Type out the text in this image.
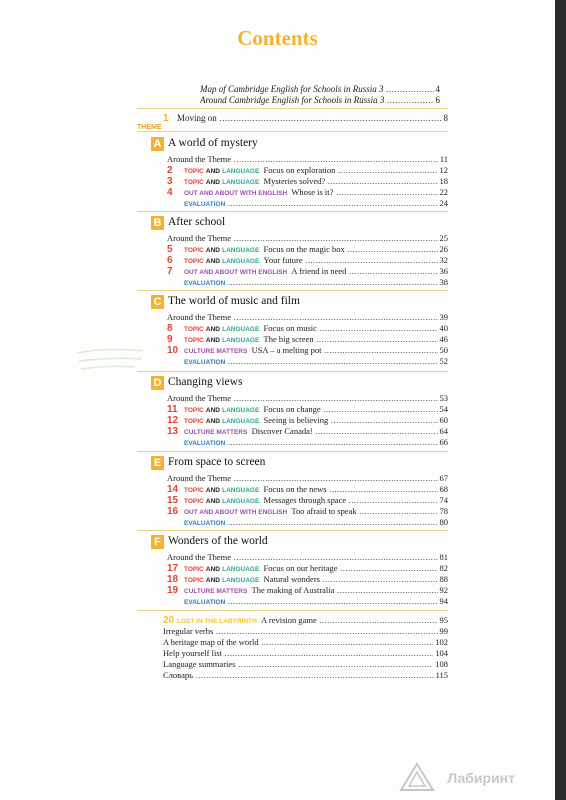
Contents
Map of Cambridge English for Schools in Russia 3 .....	4
Around Cambridge English for Schools in Russia 3 .....	6
1 Moving on .....	8
THEME
A A world of mystery
Around the Theme .....	11
2 TOPIC AND LANGUAGE Focus on exploration .....	12
3 TOPIC AND LANGUAGE Mysteries solved? .....	18
4 OUT AND ABOUT WITH ENGLISH Whose is it? .....	22
EVALUATION .....	24
B After school
Around the Theme .....	25
5 TOPIC AND LANGUAGE Focus on the magic box .....	26
6 TOPIC AND LANGUAGE Your future .....	32
7 OUT AND ABOUT WITH ENGLISH A friend in need .....	36
EVALUATION .....	38
C The world of music and film
Around the Theme .....	39
8 TOPIC AND LANGUAGE Focus on music .....	40
9 TOPIC AND LANGUAGE The big screen .....	46
10 CULTURE MATTERS USA – a melting pot .....	50
EVALUATION .....	52
D Changing views
Around the Theme .....	53
11 TOPIC AND LANGUAGE Focus on change .....	54
12 TOPIC AND LANGUAGE Seeing is believing .....	60
13 CULTURE MATTERS Discover Canada! .....	64
EVALUATION .....	66
E From space to screen
Around the Theme .....	67
14 TOPIC AND LANGUAGE Focus on the news .....	68
15 TOPIC AND LANGUAGE Messages through space .....	74
16 OUT AND ABOUT WITH ENGLISH Too afraid to speak .....	78
EVALUATION .....	80
F Wonders of the world
Around the Theme .....	81
17 TOPIC AND LANGUAGE Focus on our heritage .....	82
18 TOPIC AND LANGUAGE Natural wonders .....	88
19 CULTURE MATTERS The making of Australia .....	92
EVALUATION .....	94
20 LOST IN THE LABYRINTH A revision game .....	95
Irregular verbs .....	99
A heritage map of the world .....	102
Help yourself list .....	104
Language summaries .....	108
Словарь .....	115
Лабиринт
